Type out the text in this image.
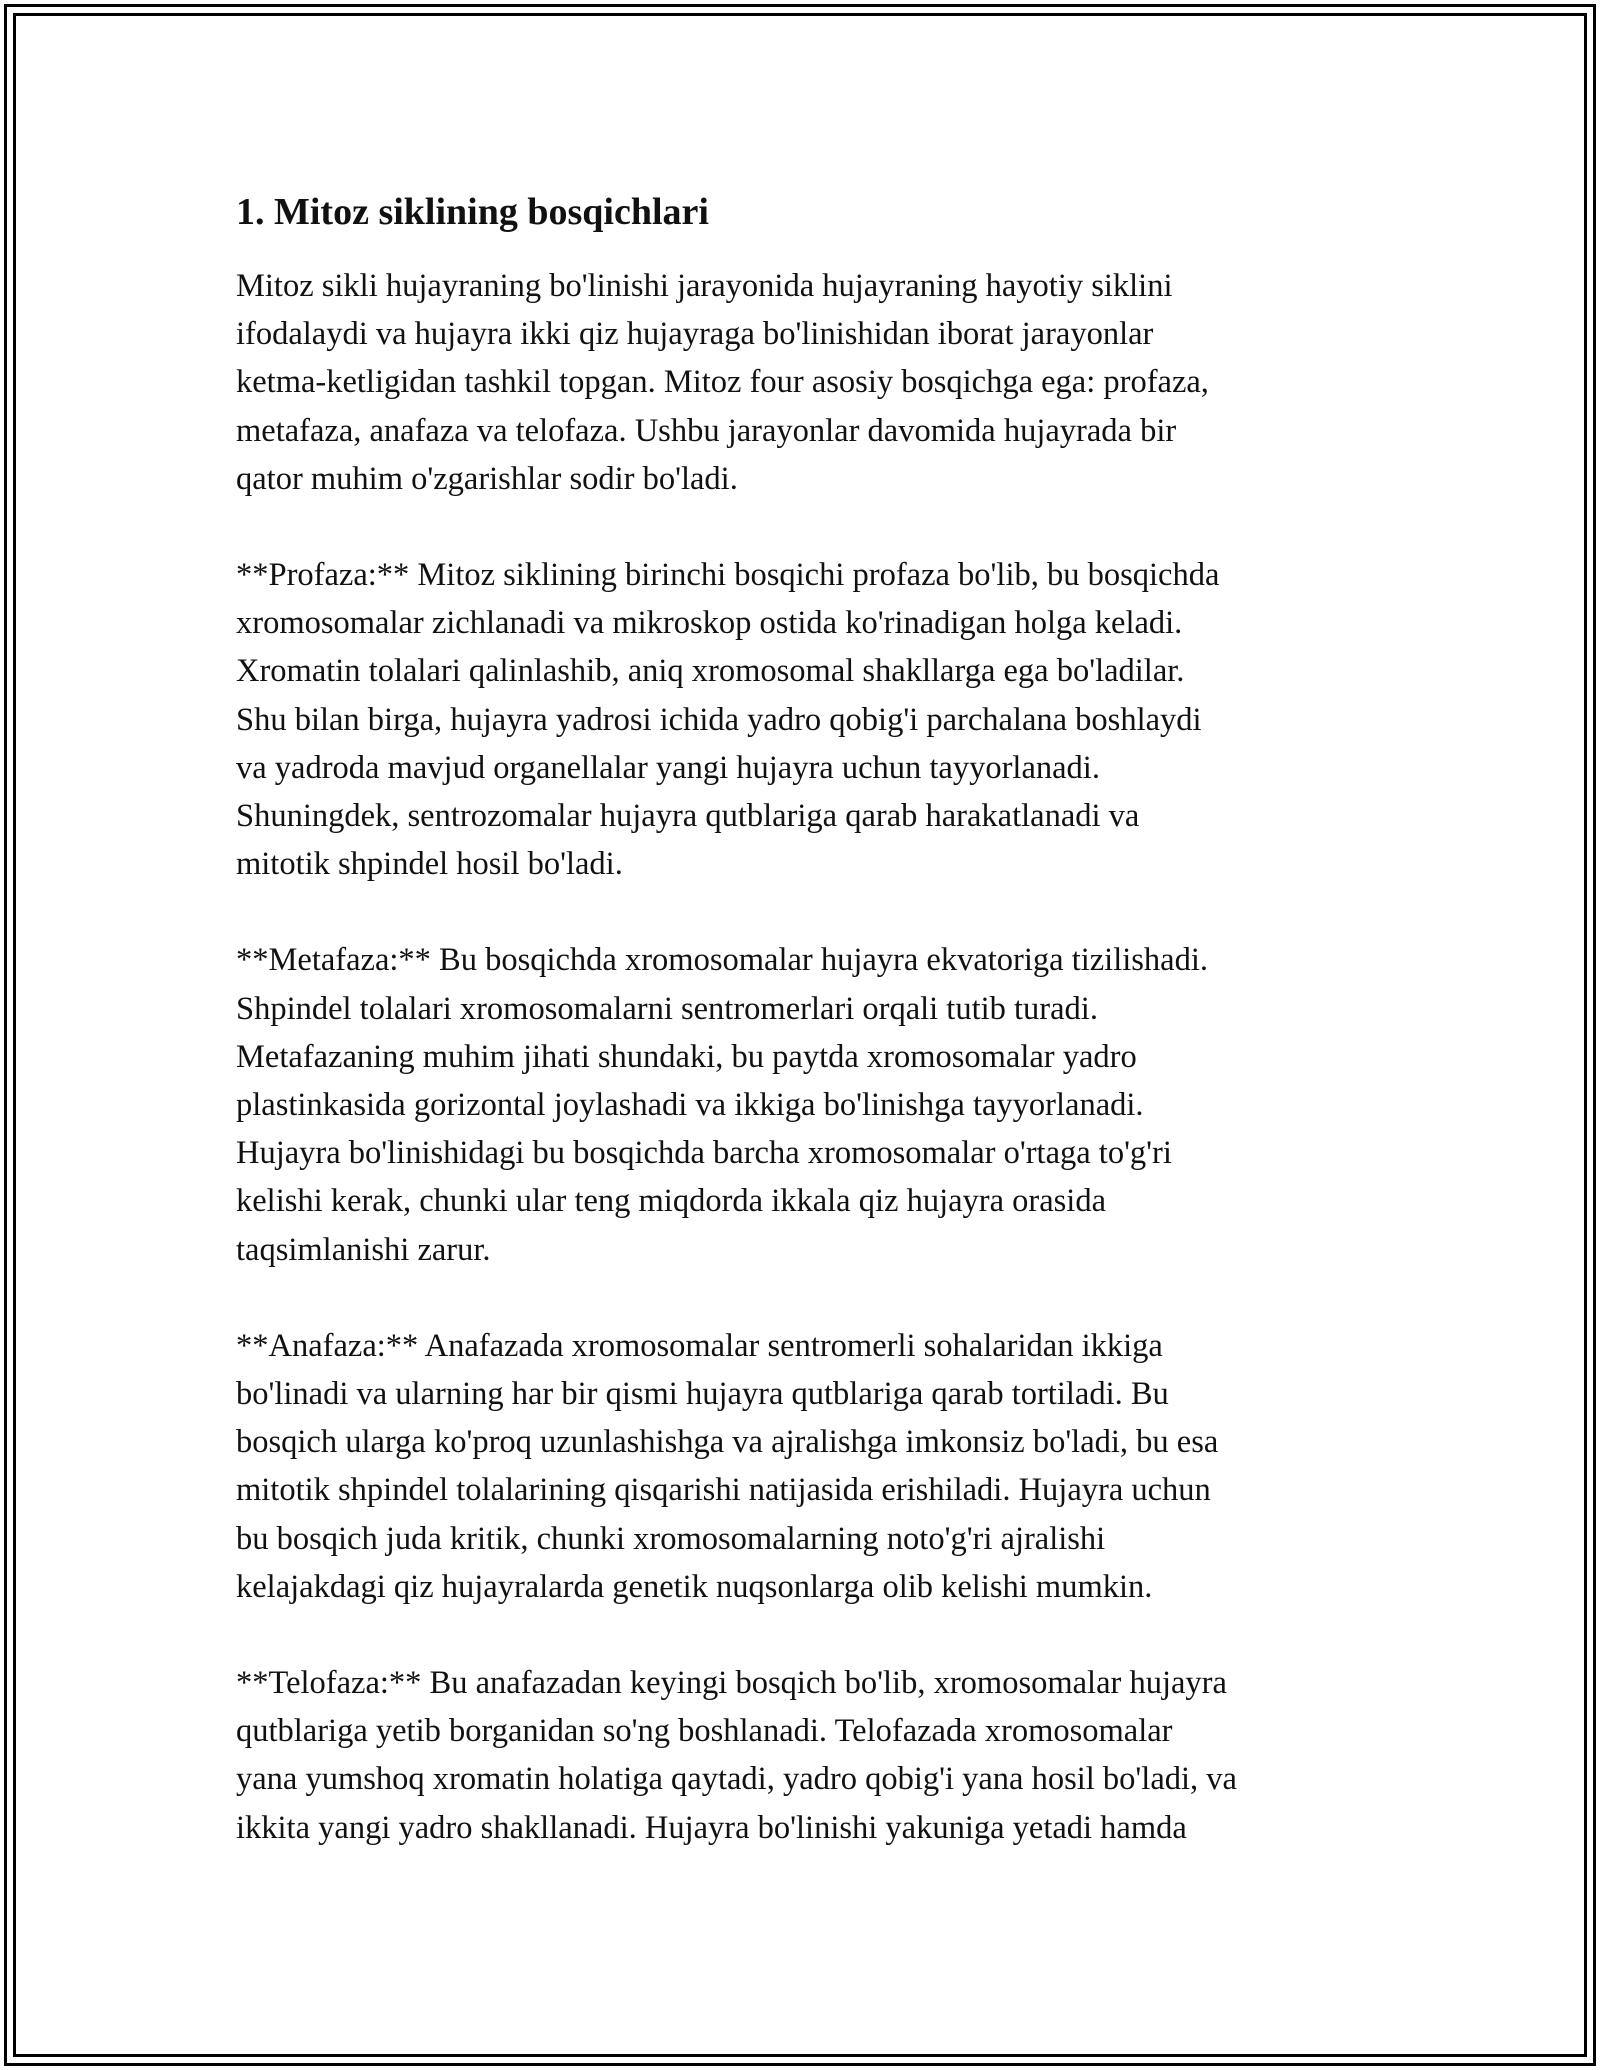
1. Mitoz siklining bosqichlari

Mitoz sikli hujayraning bo'linishi jarayonida hujayraning hayotiy siklini
ifodalaydi va hujayra ikki qiz hujayraga bo'linishidan iborat jarayonlar
ketma-ketligidan tashkil topgan. Mitoz four asosiy bosqichga ega: profaza,
metafaza, anafaza va telofaza. Ushbu jarayonlar davomida hujayrada bir
qator muhim o'zgarishlar sodir bo'ladi.

**Profaza:** Mitoz siklining birinchi bosqichi profaza bo'lib, bu bosqichda
xromosomalar zichlanadi va mikroskop ostida ko'rinadigan holga keladi.
Xromatin tolalari qalinlashib, aniq xromosomal shakllarga ega bo'ladilar.
Shu bilan birga, hujayra yadrosi ichida yadro qobig'i parchalana boshlaydi
va yadroda mavjud organellalar yangi hujayra uchun tayyorlanadi.
Shuningdek, sentrozomalar hujayra qutblariga qarab harakatlanadi va
mitotik shpindel hosil bo'ladi.

**Metafaza:** Bu bosqichda xromosomalar hujayra ekvatoriga tizilishadi.
Shpindel tolalari xromosomalarni sentromerlari orqali tutib turadi.
Metafazaning muhim jihati shundaki, bu paytda xromosomalar yadro
plastinkasida gorizontal joylashadi va ikkiga bo'linishga tayyorlanadi.
Hujayra bo'linishidagi bu bosqichda barcha xromosomalar o'rtaga to'g'ri
kelishi kerak, chunki ular teng miqdorda ikkala qiz hujayra orasida
taqsimlanishi zarur.

**Anafaza:** Anafazada xromosomalar sentromerli sohalaridan ikkiga
bo'linadi va ularning har bir qismi hujayra qutblariga qarab tortiladi. Bu
bosqich ularga ko'proq uzunlashishga va ajralishga imkonsiz bo'ladi, bu esa
mitotik shpindel tolalarining qisqarishi natijasida erishiladi. Hujayra uchun
bu bosqich juda kritik, chunki xromosomalarning noto'g'ri ajralishi
kelajakdagi qiz hujayralarda genetik nuqsonlarga olib kelishi mumkin.

**Telofaza:** Bu anafazadan keyingi bosqich bo'lib, xromosomalar hujayra
qutblariga yetib borganidan so'ng boshlanadi. Telofazada xromosomalar
yana yumshoq xromatin holatiga qaytadi, yadro qobig'i yana hosil bo'ladi, va
ikkita yangi yadro shakllanadi. Hujayra bo'linishi yakuniga yetadi hamda
